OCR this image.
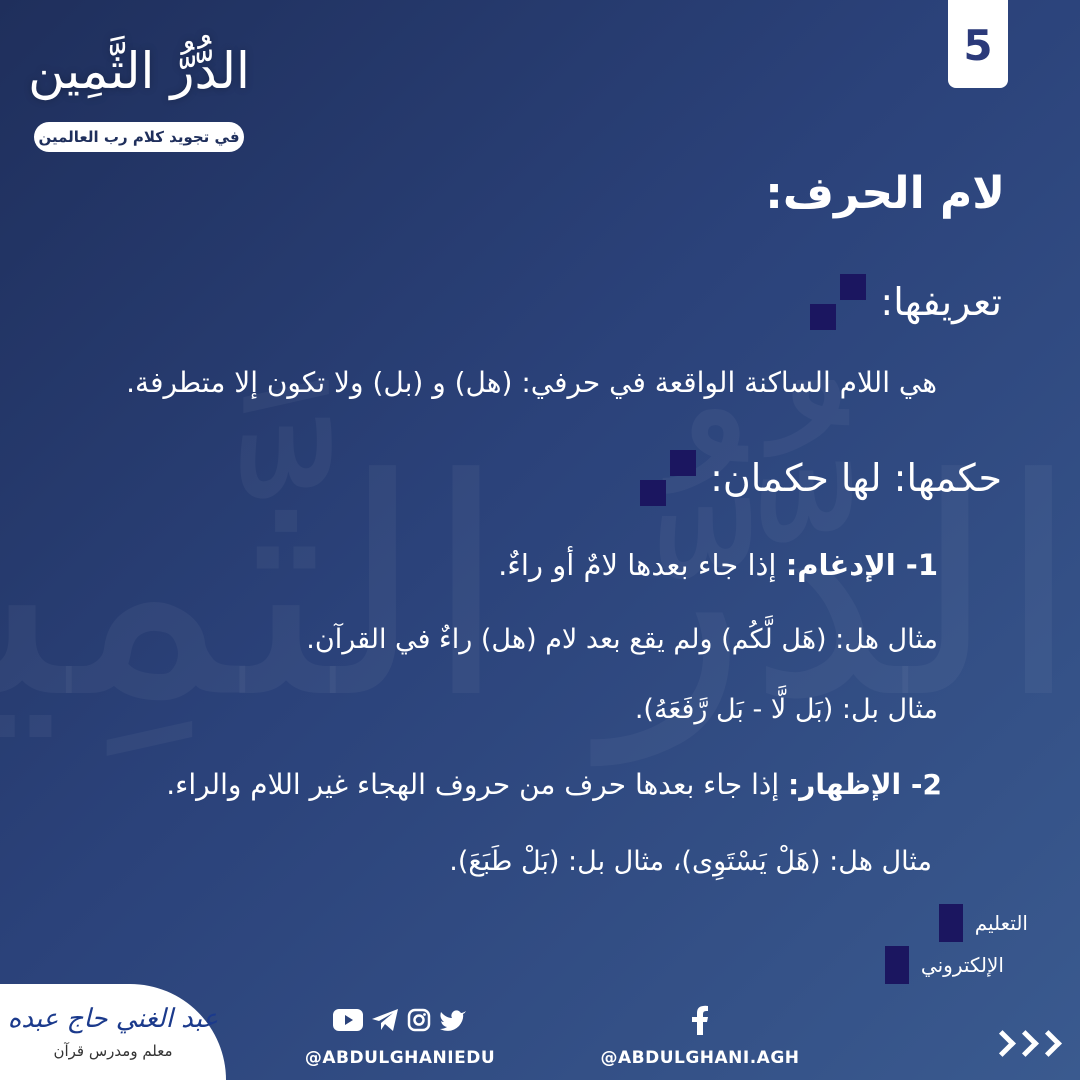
الدُّرُّ الثَّمِين
في تجويد كلام رب العالمين
5
لام الحرف:
تعريفها:
هي اللام الساكنة الواقعة في حرفي: (هل) و (بل) ولا تكون إلا متطرفة.
حكمها: لها حكمان:
1- الإدغام: إذا جاء بعدها لامٌ أو راءٌ.
مثال هل: (هَل لَّكُم) ولم يقع بعد لام (هل) راءٌ في القرآن.
مثال بل: (بَل لَّا - بَل رَّفَعَهُ).
2- الإظهار: إذا جاء بعدها حرف من حروف الهجاء غير اللام والراء.
مثال هل: (هَلْ يَسْتَوِى)، مثال بل: (بَلْ طَبَعَ).
التعليم
الإلكتروني
عبد الغني حاج عبده
معلم ومدرس قرآن	@ABDULGHANIEDU	@ABDULGHANI.AGH
